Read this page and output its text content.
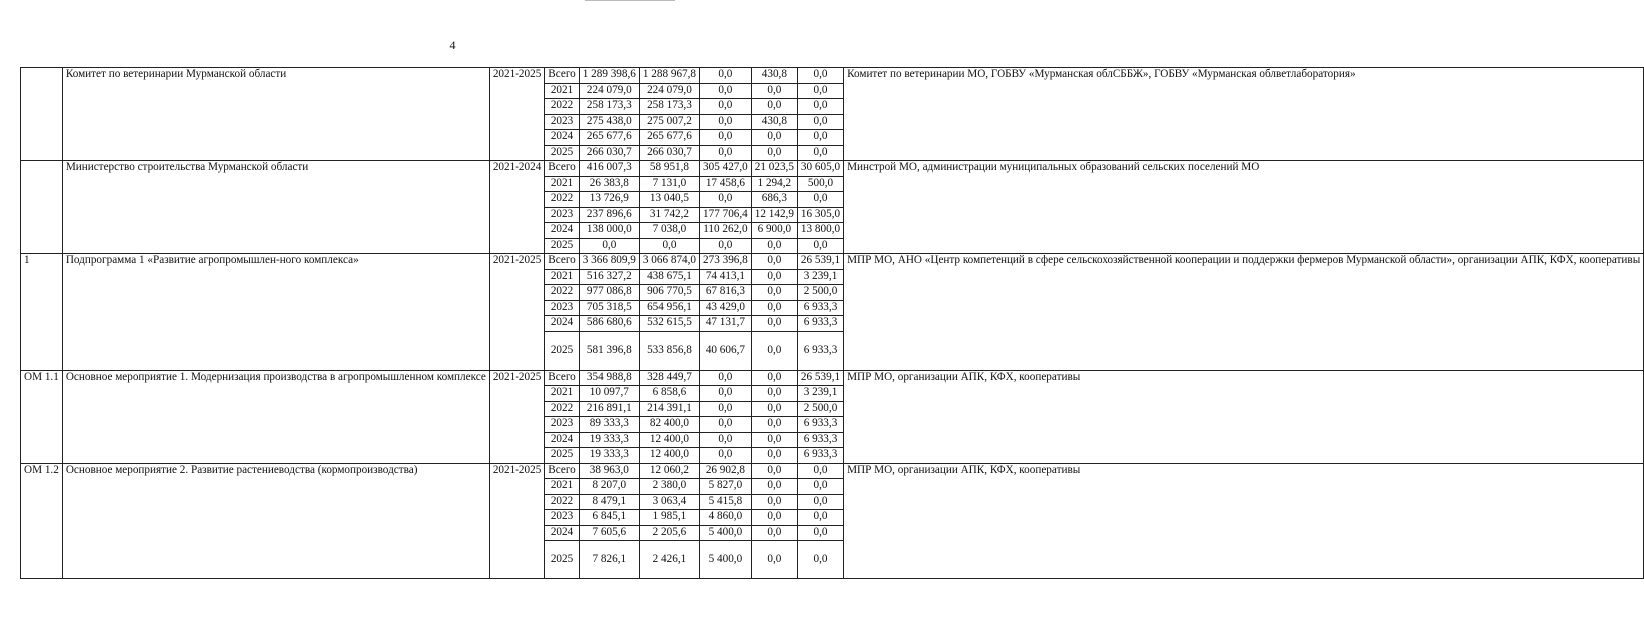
4
	Комитет по ветеринарии Мурманской области	2021-2025	Всего	1 289 398,6	1 288 967,8	0,0	430,8	0,0	Комитет по ветеринарии МО, ГОБВУ «Мурманская облСББЖ», ГОБВУ «Мурманская облветлаборатория»
			2021	224 079,0	224 079,0	0,0	0,0	0,0	
			2022	258 173,3	258 173,3	0,0	0,0	0,0	
			2023	275 438,0	275 007,2	0,0	430,8	0,0	
			2024	265 677,6	265 677,6	0,0	0,0	0,0	
			2025	266 030,7	266 030,7	0,0	0,0	0,0	
	Министерство строительства Мурманской области	2021-2024	Всего	416 007,3	58 951,8	305 427,0	21 023,5	30 605,0	Минстрой МО, администрации муниципальных образований сельских поселений МО
			2021	26 383,8	7 131,0	17 458,6	1 294,2	500,0	
			2022	13 726,9	13 040,5	0,0	686,3	0,0	
			2023	237 896,6	31 742,2	177 706,4	12 142,9	16 305,0	
			2024	138 000,0	7 038,0	110 262,0	6 900,0	13 800,0	
			2025	0,0	0,0	0,0	0,0	0,0	
1	Подпрограмма 1 «Развитие агропромышлен-ного комплекса»	2021-2025	Всего	3 366 809,9	3 066 874,0	273 396,8	0,0	26 539,1	МПР МО, АНО «Центр компетенций в сфере сельскохозяйственной кооперации и поддержки фермеров Мурманской области», организации АПК, КФХ, кооперативы
			2021	516 327,2	438 675,1	74 413,1	0,0	3 239,1	
			2022	977 086,8	906 770,5	67 816,3	0,0	2 500,0	
			2023	705 318,5	654 956,1	43 429,0	0,0	6 933,3	
			2024	586 680,6	532 615,5	47 131,7	0,0	6 933,3	
			2025	581 396,8	533 856,8	40 606,7	0,0	6 933,3	
ОМ 1.1	Основное мероприятие 1. Модернизация производства в агропромышленном комплексе	2021-2025	Всего	354 988,8	328 449,7	0,0	0,0	26 539,1	МПР МО, организации АПК, КФХ, кооперативы
			2021	10 097,7	6 858,6	0,0	0,0	3 239,1	
			2022	216 891,1	214 391,1	0,0	0,0	2 500,0	
			2023	89 333,3	82 400,0	0,0	0,0	6 933,3	
			2024	19 333,3	12 400,0	0,0	0,0	6 933,3	
			2025	19 333,3	12 400,0	0,0	0,0	6 933,3	
ОМ 1.2	Основное мероприятие 2. Развитие растениеводства (кормопроизводства)	2021-2025	Всего	38 963,0	12 060,2	26 902,8	0,0	0,0	МПР МО, организации АПК, КФХ, кооперативы
			2021	8 207,0	2 380,0	5 827,0	0,0	0,0	
			2022	8 479,1	3 063,4	5 415,8	0,0	0,0	
			2023	6 845,1	1 985,1	4 860,0	0,0	0,0	
			2024	7 605,6	2 205,6	5 400,0	0,0	0,0	
			2025	7 826,1	2 426,1	5 400,0	0,0	0,0	
